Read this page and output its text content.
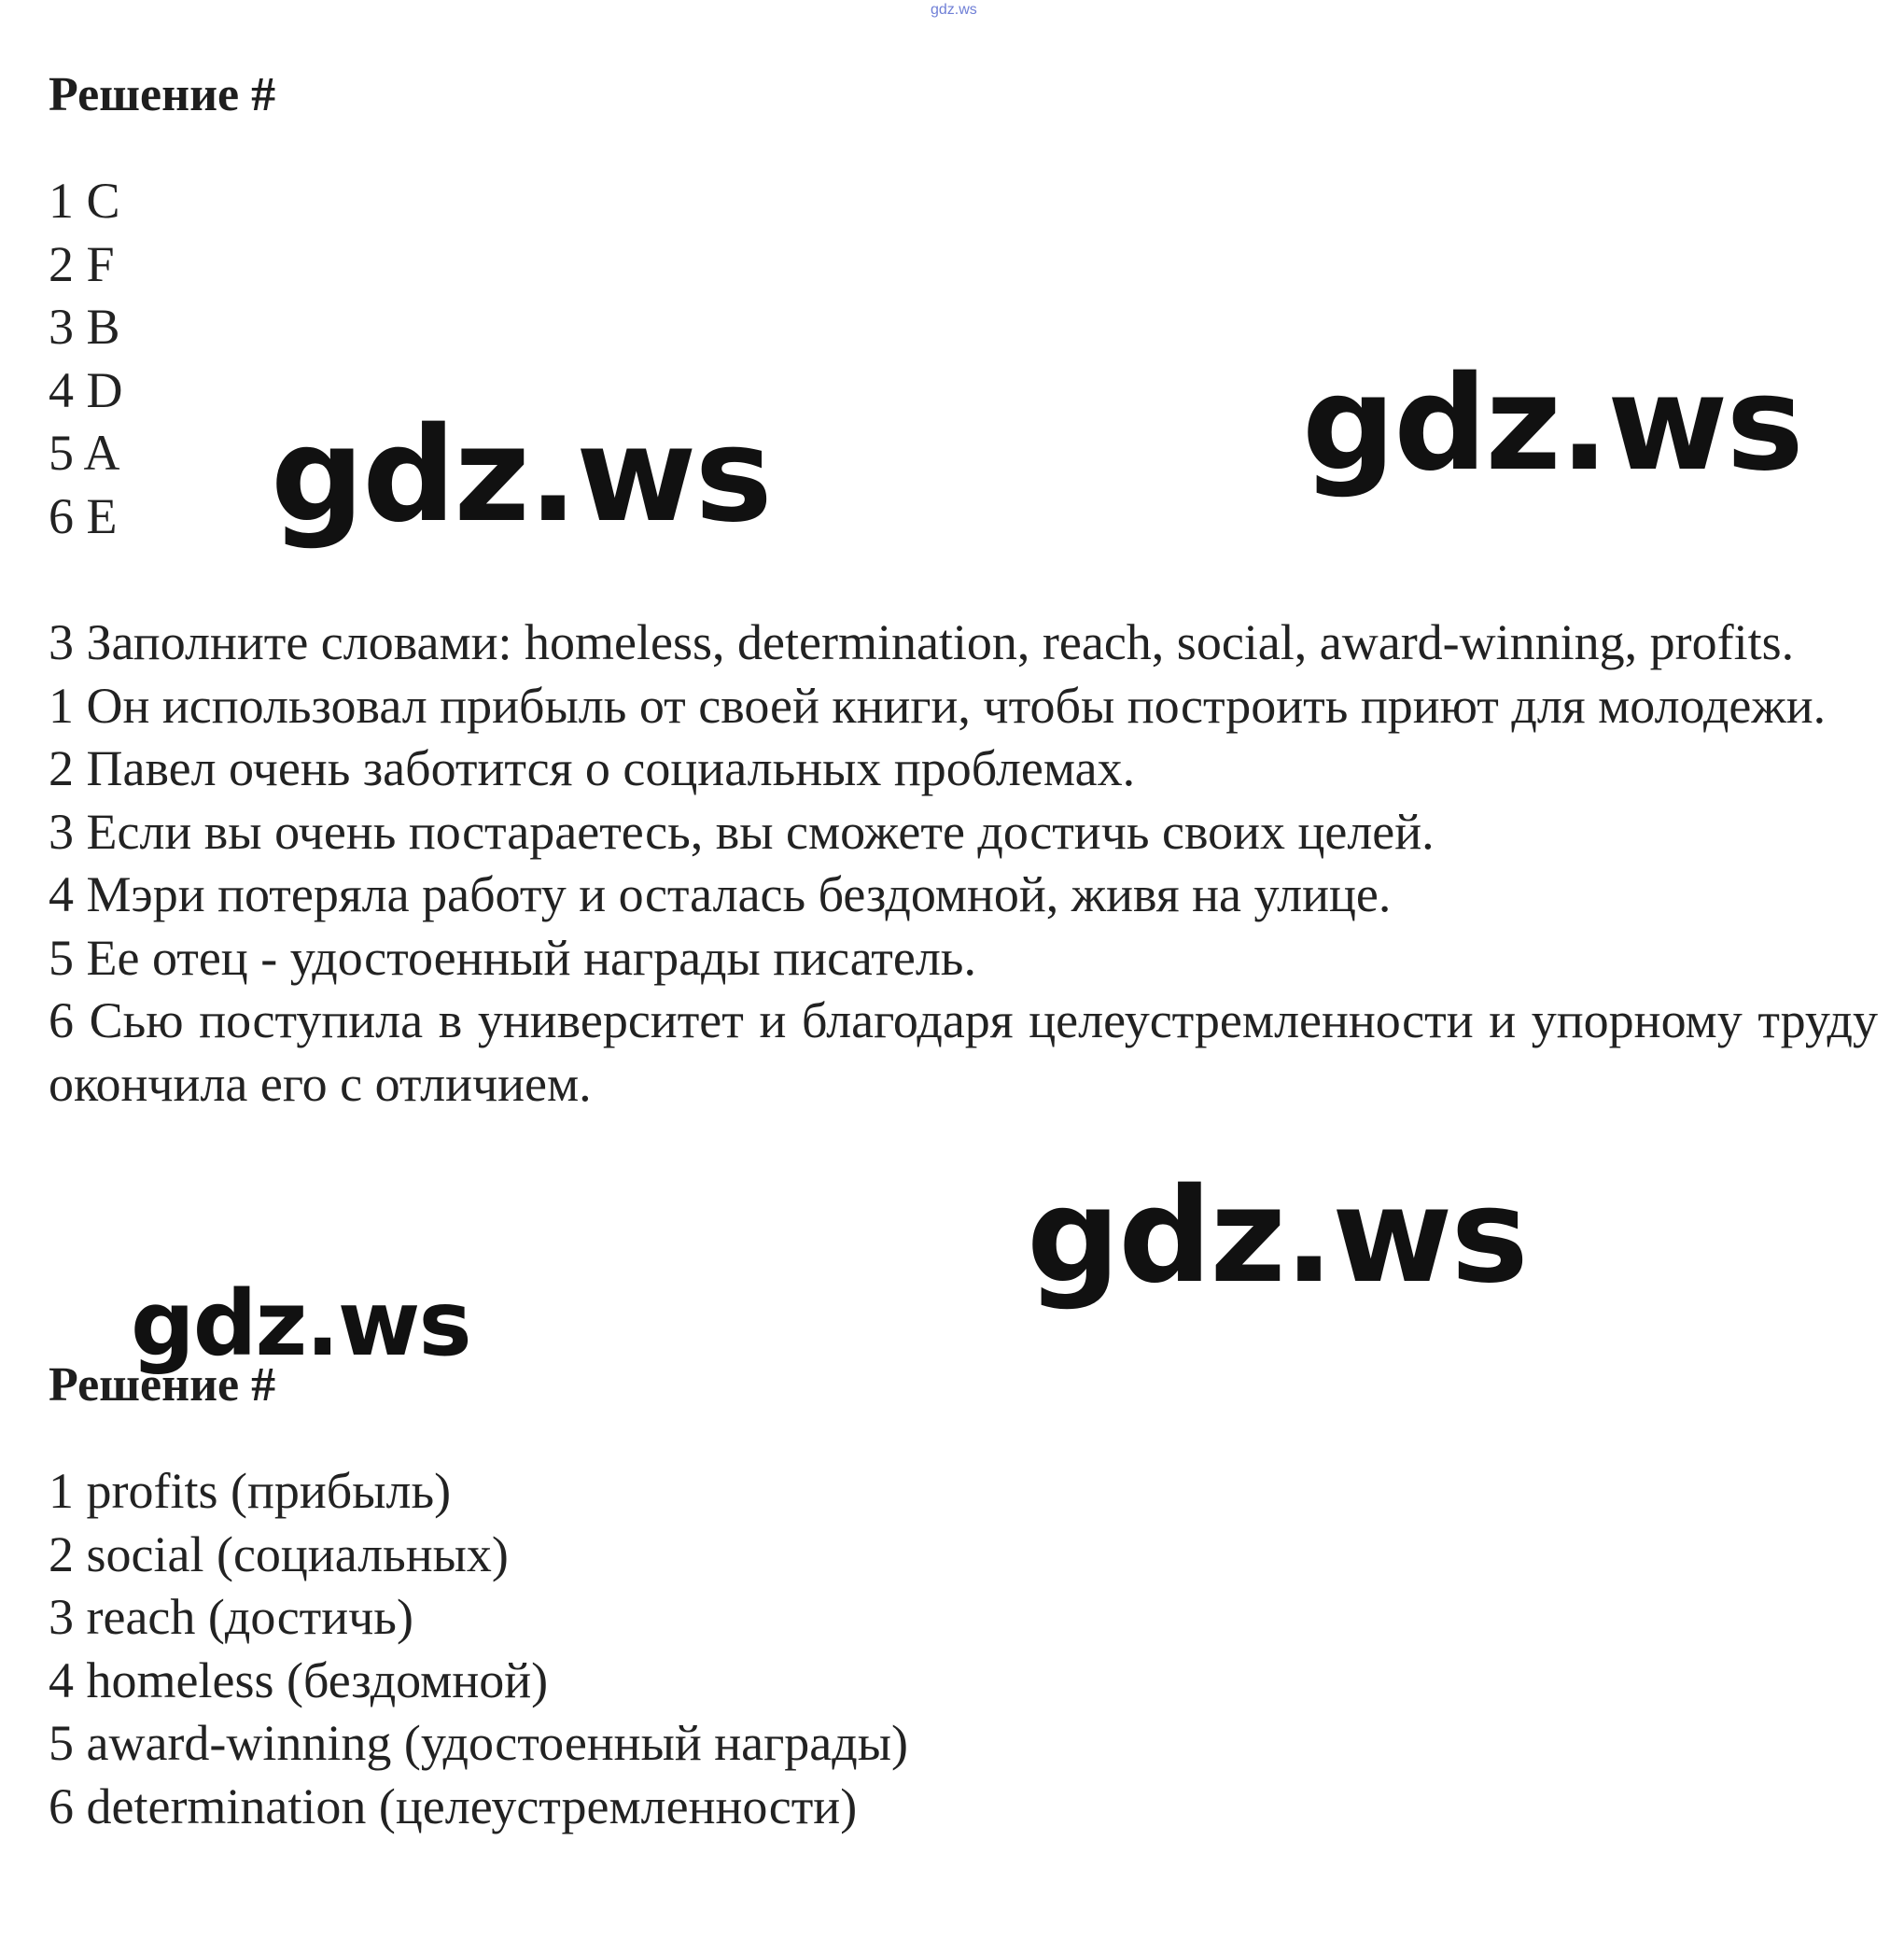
gdz.ws
Решение #
1 C
2 F
3 B
4 D
5 A
6 E

3 Заполните словами: homeless, determination, reach, social, award-winning, profits.

1 Он использовал прибыль от своей книги, чтобы построить приют для молодежи.

2 Павел очень заботится о социальных проблемах.

3 Если вы очень постараетесь, вы сможете достичь своих целей.

4 Мэри потеряла работу и осталась бездомной, живя на улице.

5 Ее отец - удостоенный награды писатель.

6 Сью поступила в университет и благодаря целеустремленности и упорному труду окончила его с отличием.

Решение #
1 profits (прибыль)
2 social (социальных)
3 reach (достичь)
4 homeless (бездомной)
5 award-winning (удостоенный награды)
6 determination (целеустремленности)
gdz.ws	gdz.ws
gdz.ws
gdz.ws
